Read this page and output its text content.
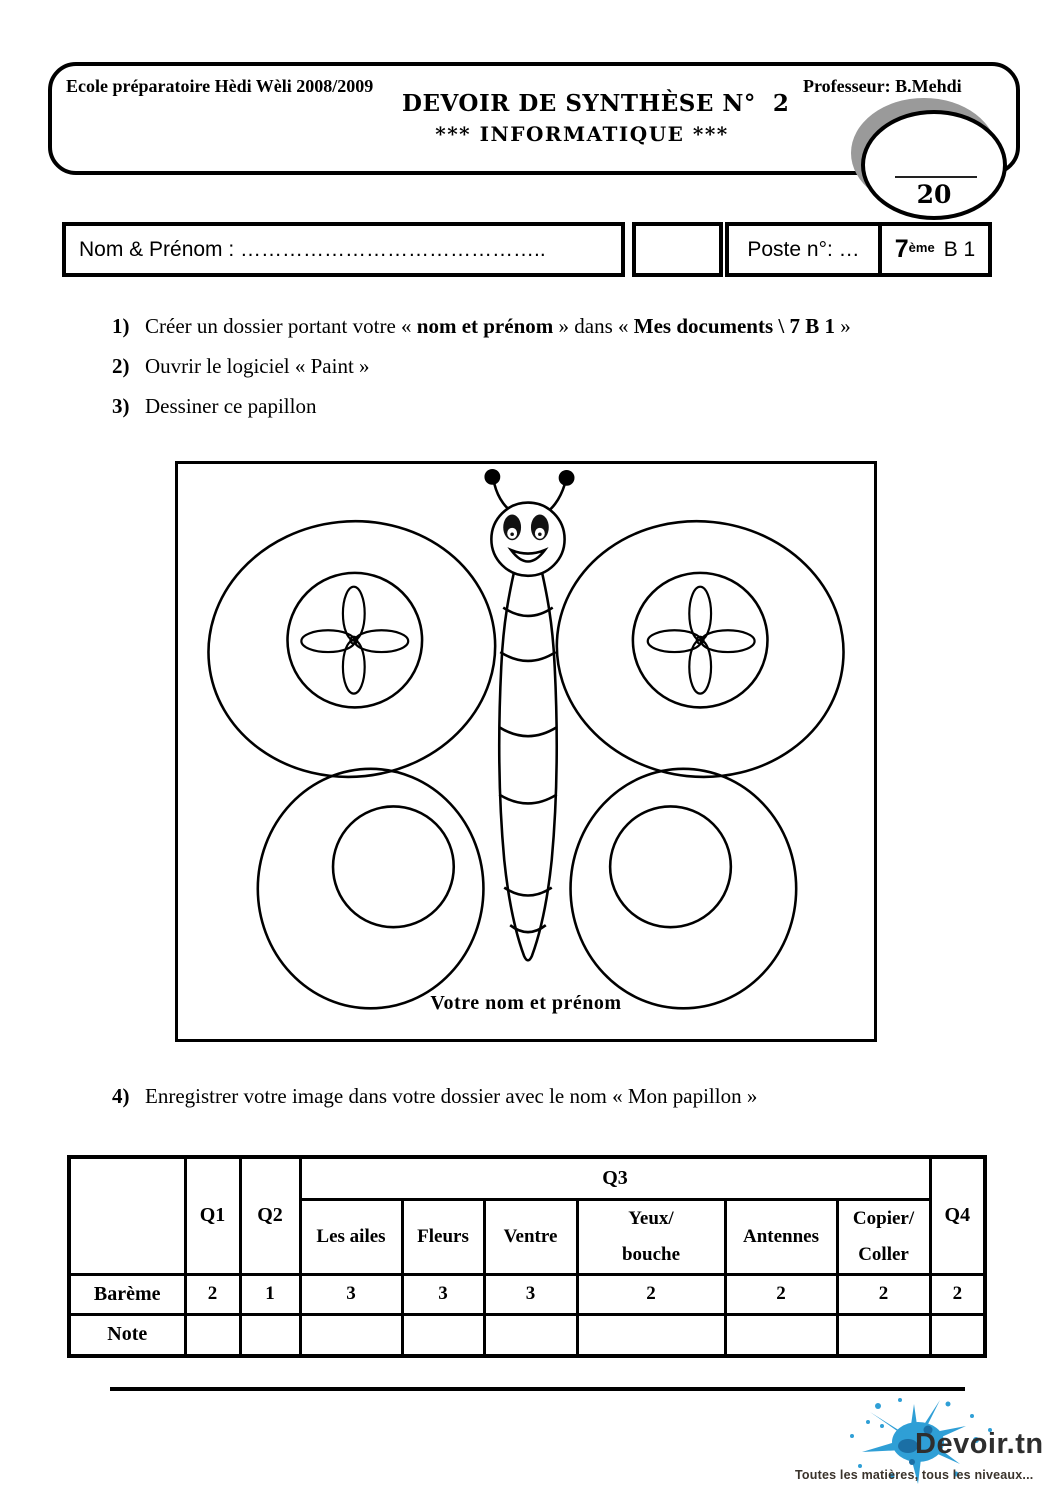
Ecole préparatoire Hèdi Wèli 2008/2009	Professeur: B.Mehdi
DEVOIR DE SYNTHÈSE N°  2
*** INFORMATIQUE ***
20
Nom & Prénom : ……………………………………..	Poste n°: … 7ème B 1
1) Créer un dossier portant votre « nom et prénom » dans « Mes documents \ 7 B 1 »
2) Ouvrir le logiciel « Paint »
3) Dessiner ce papillon
Votre nom et prénom
4) Enregistrer votre image dans votre dossier avec le nom « Mon papillon »
	Q1	Q2	Q3						Q4
			Les ailes	Fleurs	Ventre	Yeux/
bouche	Antennes	Copier/
Coller	
Barème	2	1	3	3	3	2	2	2	2
Note									
Devoir.tn
Toutes les matières, tous les niveaux...
